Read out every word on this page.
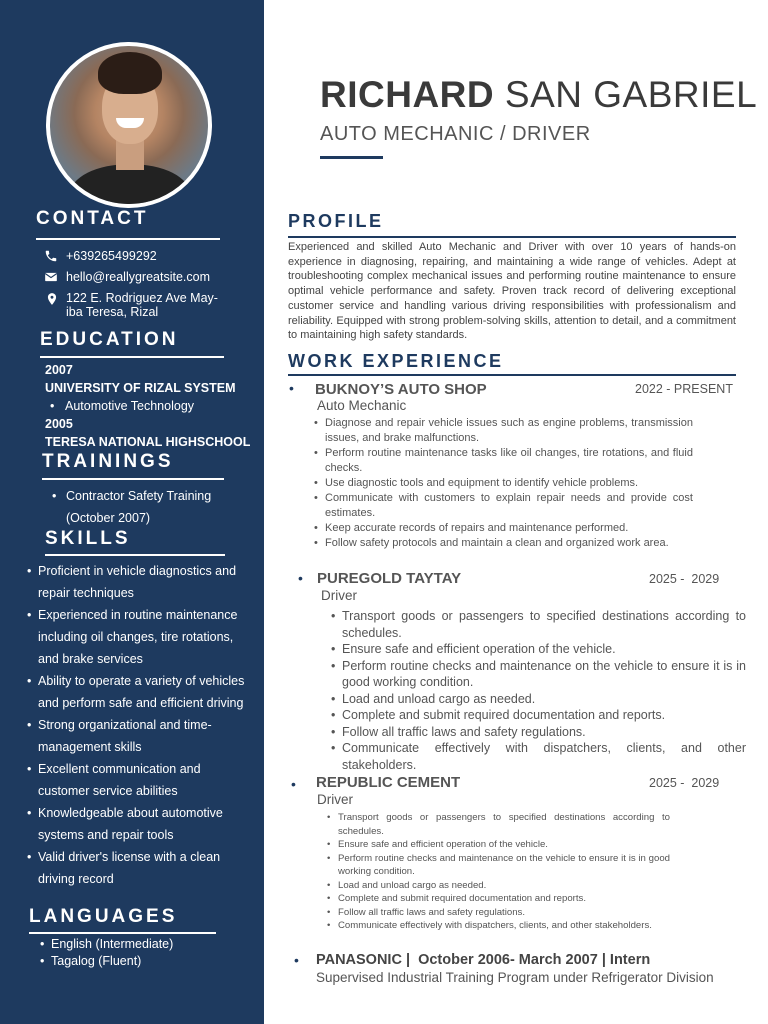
CONTACT
+639265499292
hello@reallygreatsite.com
122 E. Rodriguez Ave May-
iba Teresa, Rizal
EDUCATION
2007
UNIVERSITY OF RIZAL SYSTEM
• Automotive Technology
2005
TERESA NATIONAL HIGHSCHOOL
TRAININGS
• Contractor Safety Training
(October 2007)
SKILLS
• Proficient in vehicle diagnostics and
repair techniques
• Experienced in routine maintenance
including oil changes, tire rotations,
and brake services
• Ability to operate a variety of vehicles
and perform safe and efficient driving
• Strong organizational and time-
management skills
• Excellent communication and
customer service abilities
• Knowledgeable about automotive
systems and repair tools
• Valid driver's license with a clean
driving record
LANGUAGES
• English (Intermediate)
• Tagalog (Fluent)
RICHARD SAN GABRIEL
AUTO MECHANIC / DRIVER
PROFILE
Experienced and skilled Auto Mechanic and Driver with over 10 years of hands-on experience in diagnosing, repairing, and maintaining a wide range of vehicles. Adept at troubleshooting complex mechanical issues and performing routine maintenance to ensure optimal vehicle performance and safety. Proven track record of delivering exceptional customer service and handling various driving responsibilities with professionalism and reliability. Equipped with strong problem-solving skills, attention to detail, and a commitment to maintaining high safety standards.
WORK EXPERIENCE
• BUKNOY’S AUTO SHOP	2022 - PRESENT
Auto Mechanic
• Diagnose and repair vehicle issues such as engine problems, transmission issues, and brake malfunctions.
• Perform routine maintenance tasks like oil changes, tire rotations, and fluid checks.
• Use diagnostic tools and equipment to identify vehicle problems.
• Communicate with customers to explain repair needs and provide cost estimates.
• Keep accurate records of repairs and maintenance performed.
• Follow safety protocols and maintain a clean and organized work area.
• PUREGOLD TAYTAY	2025 -  2029
Driver
• Transport goods or passengers to specified destinations according to schedules.
• Ensure safe and efficient operation of the vehicle.
• Perform routine checks and maintenance on the vehicle to ensure it is in good working condition.
• Load and unload cargo as needed.
• Complete and submit required documentation and reports.
• Follow all traffic laws and safety regulations.
• Communicate effectively with dispatchers, clients, and other stakeholders.
• REPUBLIC CEMENT	2025 -  2029
Driver
• Transport goods or passengers to specified destinations according to schedules.
• Ensure safe and efficient operation of the vehicle.
• Perform routine checks and maintenance on the vehicle to ensure it is in good working condition.
• Load and unload cargo as needed.
• Complete and submit required documentation and reports.
• Follow all traffic laws and safety regulations.
• Communicate effectively with dispatchers, clients, and other stakeholders.
• PANASONIC |  October 2006- March 2007 | Intern
Supervised Industrial Training Program under Refrigerator Division
